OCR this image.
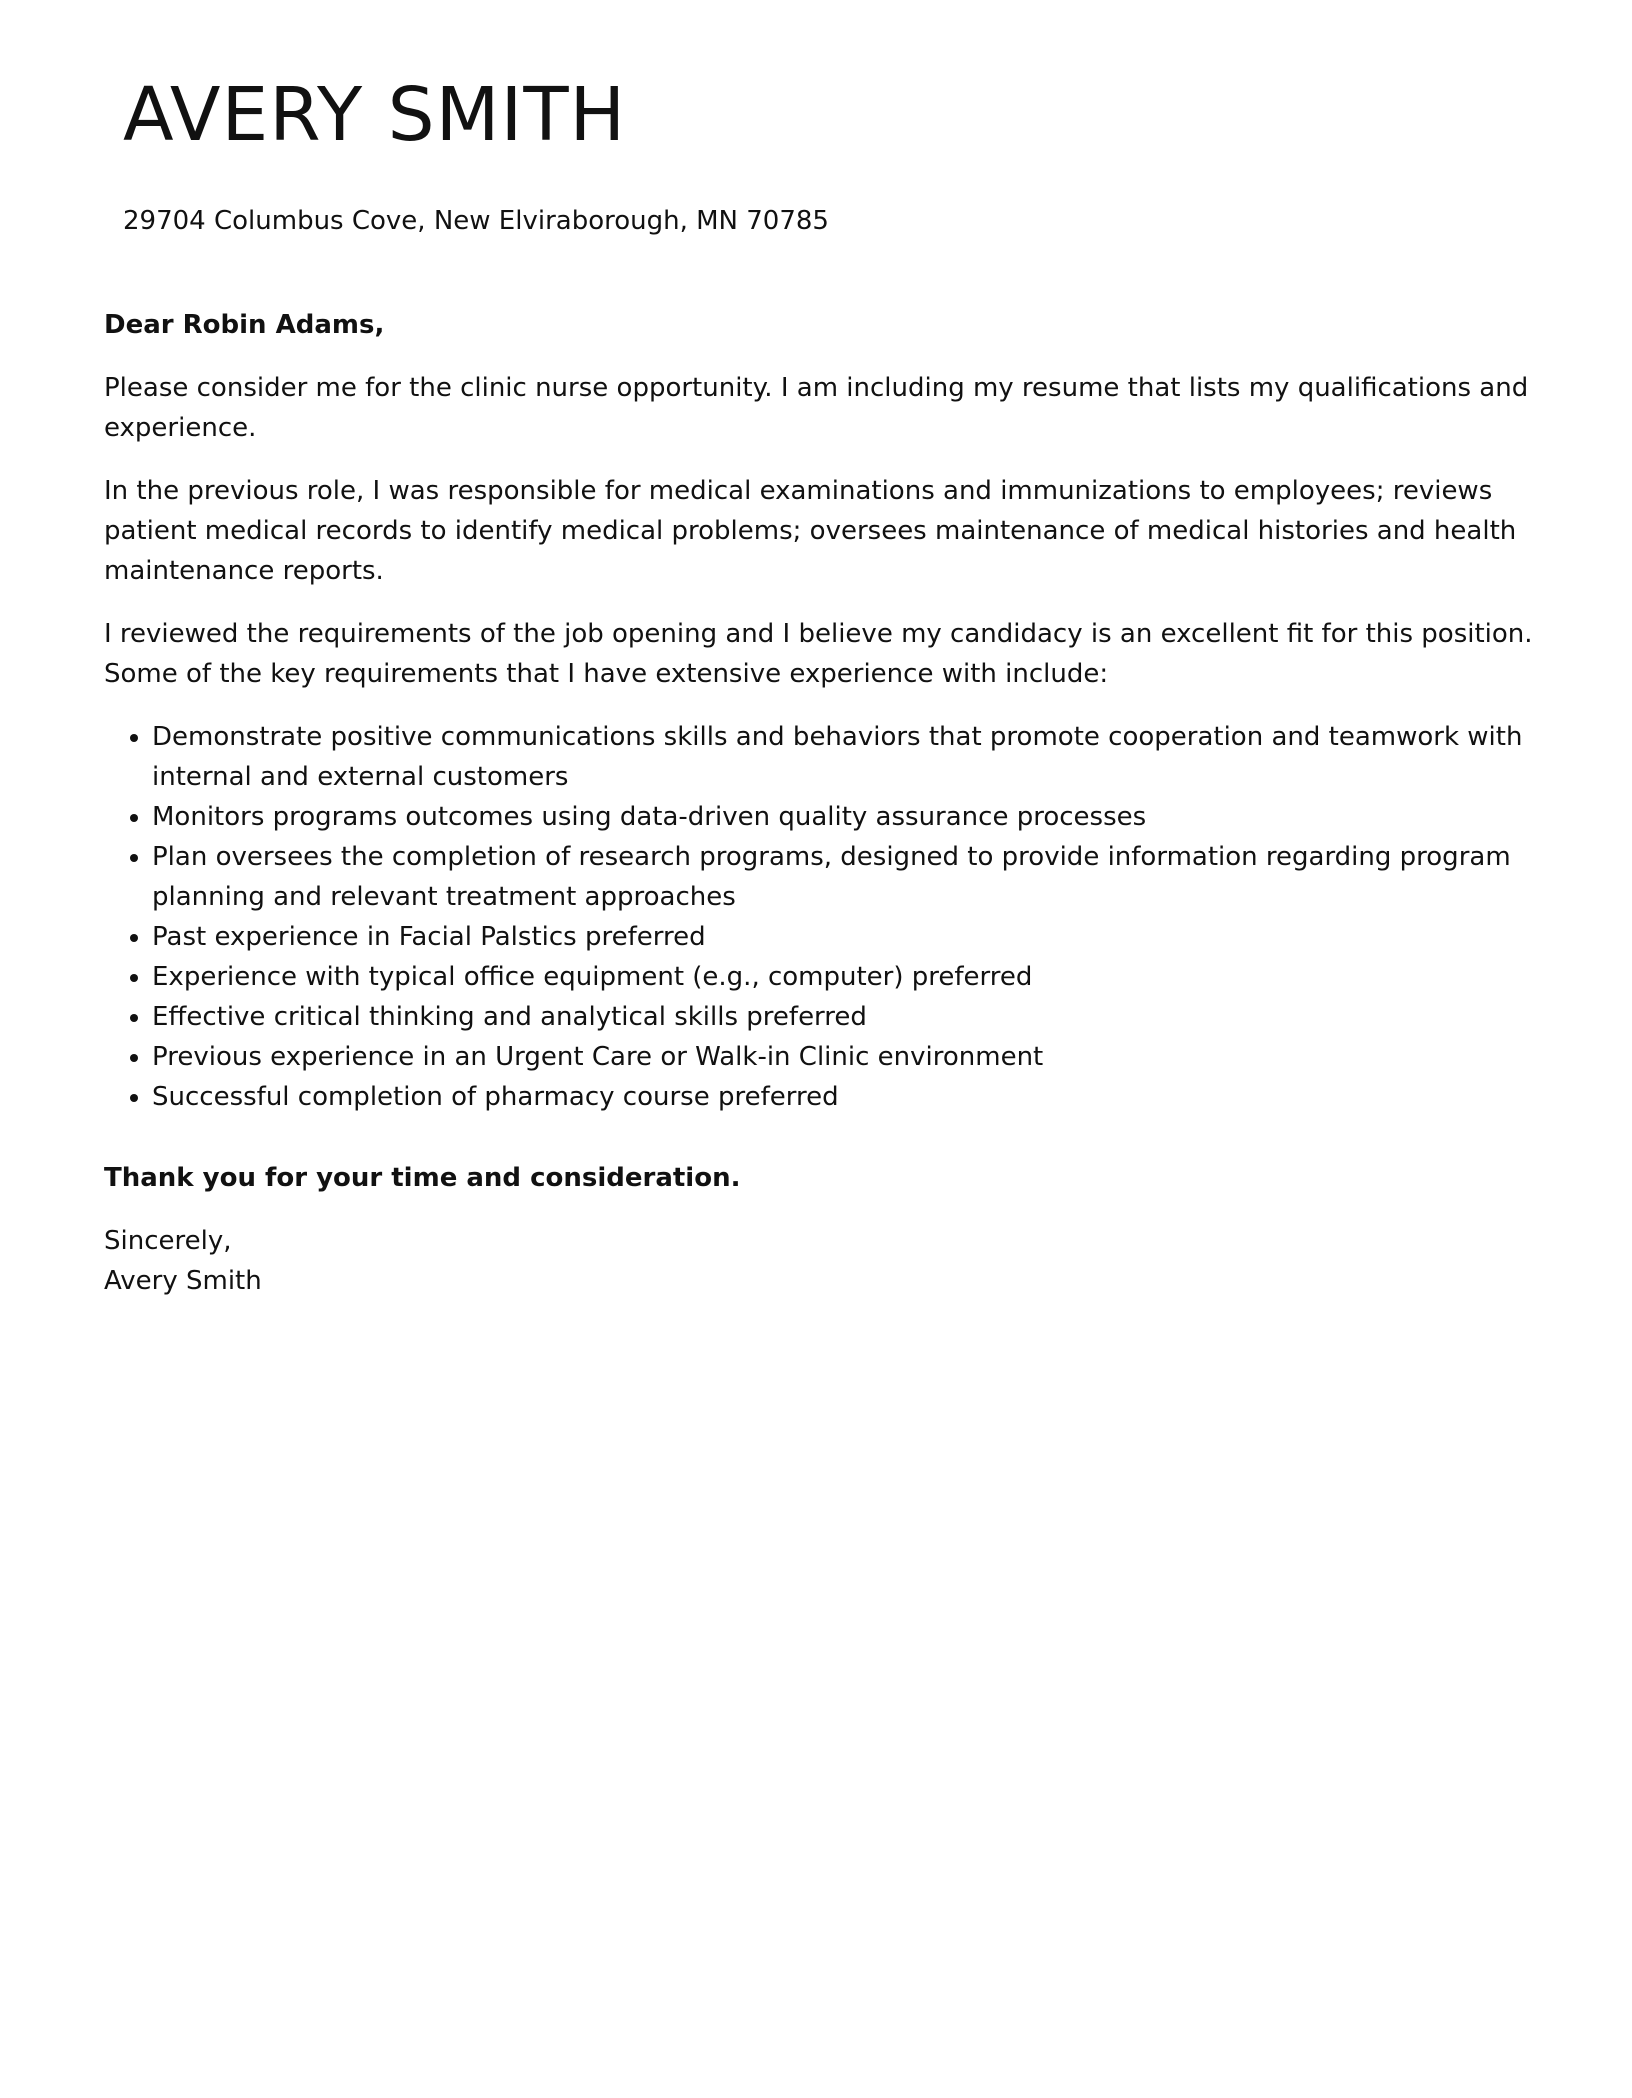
AVERY SMITH

29704 Columbus Cove, New Elviraborough, MN 70785

Dear Robin Adams,

Please consider me for the clinic nurse opportunity. I am including my resume that lists my qualifications and experience.

In the previous role, I was responsible for medical examinations and immunizations to employees; reviews patient medical records to identify medical problems; oversees maintenance of medical histories and health maintenance reports.

I reviewed the requirements of the job opening and I believe my candidacy is an excellent fit for this position. Some of the key requirements that I have extensive experience with include:

• Demonstrate positive communications skills and behaviors that promote cooperation and teamwork with internal and external customers
• Monitors programs outcomes using data-driven quality assurance processes
• Plan oversees the completion of research programs, designed to provide information regarding program planning and relevant treatment approaches
• Past experience in Facial Palstics preferred
• Experience with typical office equipment (e.g., computer) preferred
• Effective critical thinking and analytical skills preferred
• Previous experience in an Urgent Care or Walk-in Clinic environment
• Successful completion of pharmacy course preferred

Thank you for your time and consideration.

Sincerely,
Avery Smith
